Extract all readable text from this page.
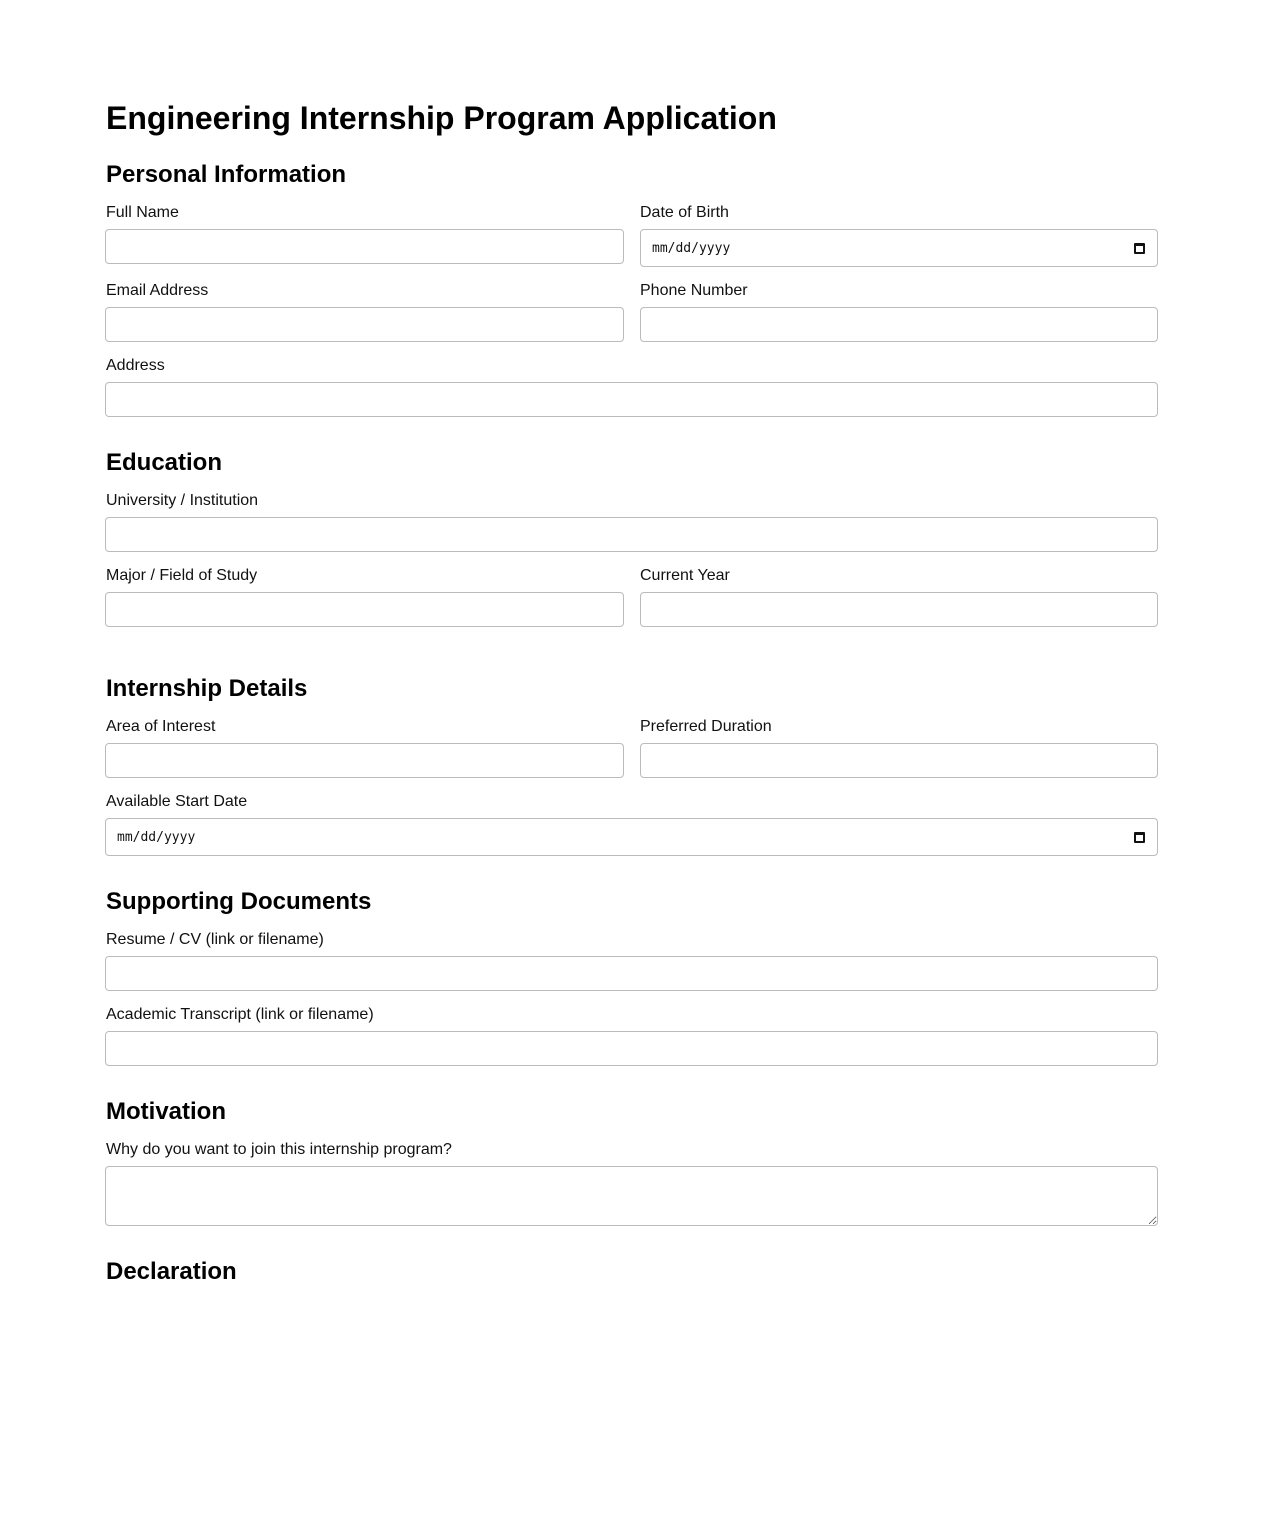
Engineering Internship Program Application
Personal Information
Full Name	Date of Birth
mm/dd/yyyy
Email Address	Phone Number
Address
Education
University / Institution
Major / Field of Study	Current Year
Internship Details
Area of Interest	Preferred Duration
Available Start Date
mm/dd/yyyy
Supporting Documents
Resume / CV (link or filename)
Academic Transcript (link or filename)
Motivation
Why do you want to join this internship program?
Declaration
